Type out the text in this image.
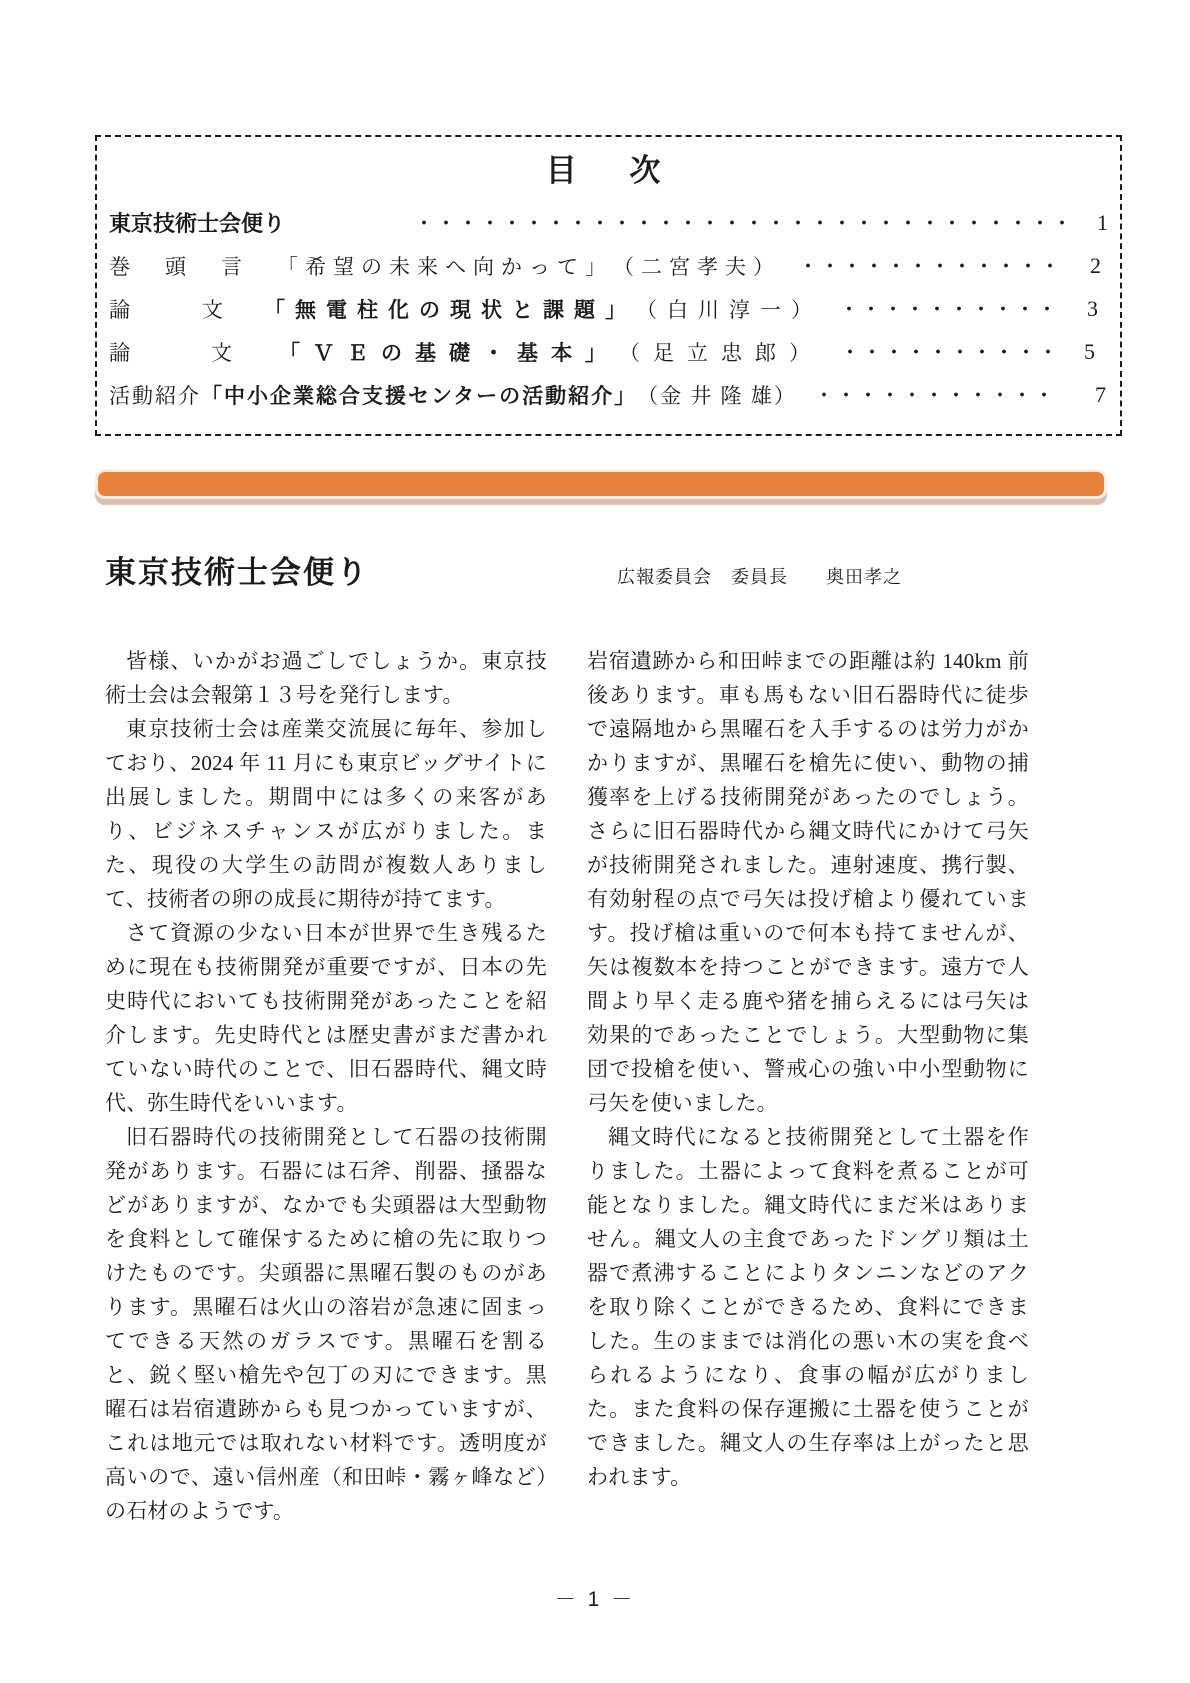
目　次
東京技術士会便り	1
巻　頭　言　 「希望の未来へ向かって」 （二宮孝夫）	2
論　　文　 「無電柱化の現状と課題」 （白川淳一）	3
論　　文　 「ＶＥの基礎・基本」 （足立忠郎）	5
活動紹介 「中小企業総合支援センターの活動紹介」 （金 井 隆 雄）	7
東京技術士会便り	広報委員会　委員長　　奥田孝之

皆様、いかがお過ごしでしょうか。東京技術士会は会報第１３号を発行します。

東京技術士会は産業交流展に毎年、参加しており、2024 年 11 月にも東京ビッグサイトに出展しました。期間中には多くの来客があり、ビジネスチャンスが広がりました。また、現役の大学生の訪問が複数人ありまして、技術者の卵の成長に期待が持てます。

さて資源の少ない日本が世界で生き残るために現在も技術開発が重要ですが、日本の先史時代においても技術開発があったことを紹介します。先史時代とは歴史書がまだ書かれていない時代のことで、旧石器時代、縄文時代、弥生時代をいいます。

旧石器時代の技術開発として石器の技術開発があります。石器には石斧、削器、掻器などがありますが、なかでも尖頭器は大型動物を食料として確保するために槍の先に取りつけたものです。尖頭器に黒曜石製のものがあります。黒曜石は火山の溶岩が急速に固まってできる天然のガラスです。黒曜石を割ると、鋭く堅い槍先や包丁の刃にできます。黒曜石は岩宿遺跡からも見つかっていますが、これは地元では取れない材料です。透明度が高いので、遠い信州産（和田峠・霧ヶ峰など）の石材のようです。

岩宿遺跡から和田峠までの距離は約 140km 前後あります。車も馬もない旧石器時代に徒歩で遠隔地から黒曜石を入手するのは労力がかかりますが、黒曜石を槍先に使い、動物の捕獲率を上げる技術開発があったのでしょう。さらに旧石器時代から縄文時代にかけて弓矢が技術開発されました。連射速度、携行製、有効射程の点で弓矢は投げ槍より優れています。投げ槍は重いので何本も持てませんが、矢は複数本を持つことができます。遠方で人間より早く走る鹿や猪を捕らえるには弓矢は効果的であったことでしょう。大型動物に集団で投槍を使い、警戒心の強い中小型動物に弓矢を使いました。

縄文時代になると技術開発として土器を作りました。土器によって食料を煮ることが可能となりました。縄文時代にまだ米はありません。縄文人の主食であったドングリ類は土器で煮沸することによりタンニンなどのアクを取り除くことができるため、食料にできました。生のままでは消化の悪い木の実を食べられるようになり、食事の幅が広がりました。また食料の保存運搬に土器を使うことができました。縄文人の生存率は上がったと思われます。

－ 1 －
